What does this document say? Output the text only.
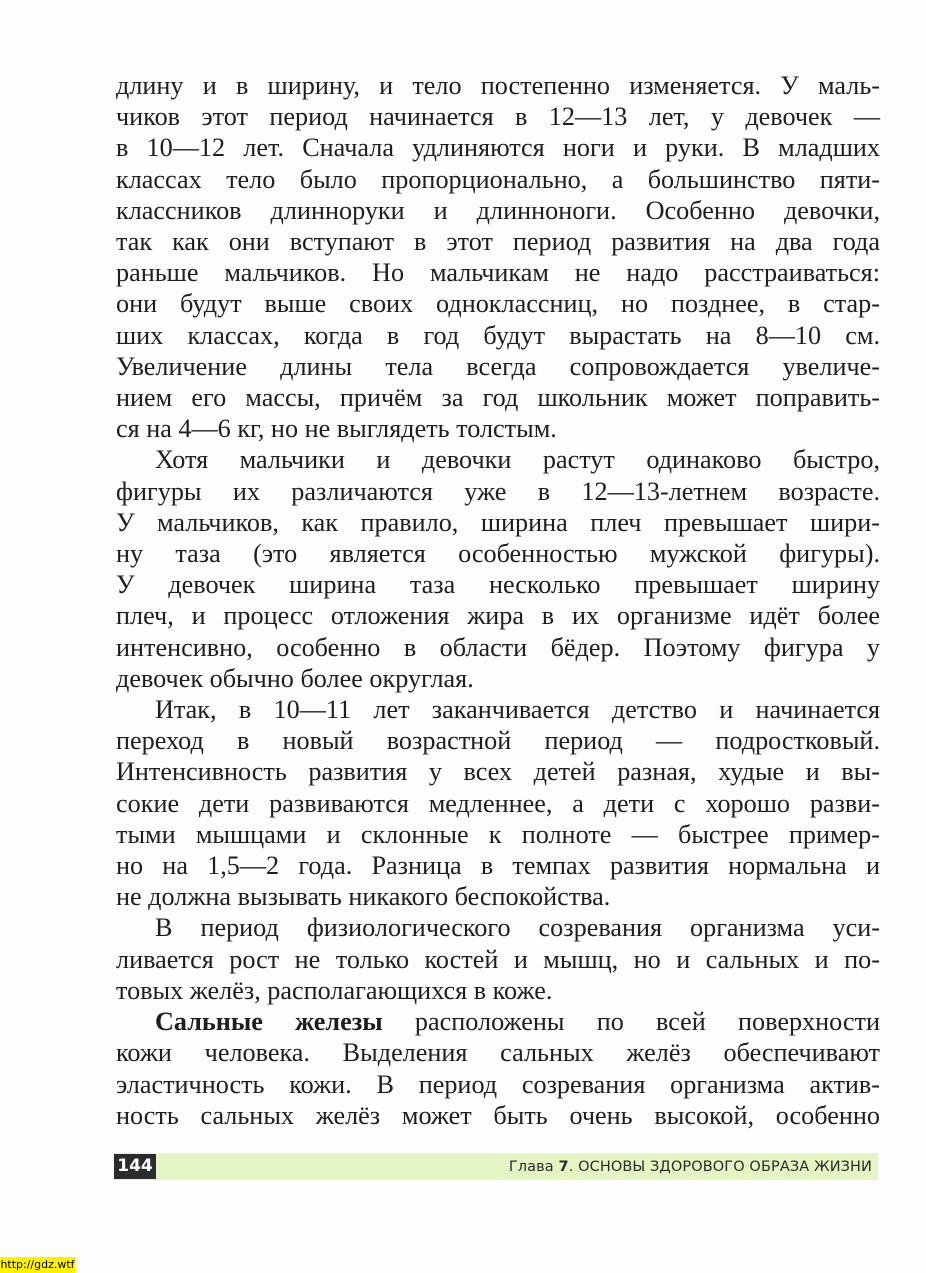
длину и в ширину, и тело постепенно изменяется. У маль-
чиков этот период начинается в 12—13 лет, у девочек —
в 10—12 лет. Сначала удлиняются ноги и руки. В младших
классах тело было пропорционально, а большинство пяти-
классников длинноруки и длинноноги. Особенно девочки,
так как они вступают в этот период развития на два года
раньше мальчиков. Но мальчикам не надо расстраиваться:
они будут выше своих одноклассниц, но позднее, в стар-
ших классах, когда в год будут вырастать на 8—10 см.
Увеличение длины тела всегда сопровождается увеличе-
нием его массы, причём за год школьник может поправить-
ся на 4—6 кг, но не выглядеть толстым.
Хотя мальчики и девочки растут одинаково быстро,
фигуры их различаются уже в 12—13-летнем возрасте.
У мальчиков, как правило, ширина плеч превышает шири-
ну таза (это является особенностью мужской фигуры).
У девочек ширина таза несколько превышает ширину
плеч, и процесс отложения жира в их организме идёт более
интенсивно, особенно в области бёдер. Поэтому фигура у
девочек обычно более округлая.
Итак, в 10—11 лет заканчивается детство и начинается
переход в новый возрастной период — подростковый.
Интенсивность развития у всех детей разная, худые и вы-
сокие дети развиваются медленнее, а дети с хорошо разви-
тыми мышцами и склонные к полноте — быстрее пример-
но на 1,5—2 года. Разница в темпах развития нормальна и
не должна вызывать никакого беспокойства.
В период физиологического созревания организма уси-
ливается рост не только костей и мышц, но и сальных и по-
товых желёз, располагающихся в коже.
Сальные железы расположены по всей поверхности
кожи человека. Выделения сальных желёз обеспечивают
эластичность кожи. В период созревания организма актив-
ность сальных желёз может быть очень высокой, особенно
144	Глава 7. ОСНОВЫ ЗДОРОВОГО ОБРАЗА ЖИЗНИ
http://gdz.wtf
